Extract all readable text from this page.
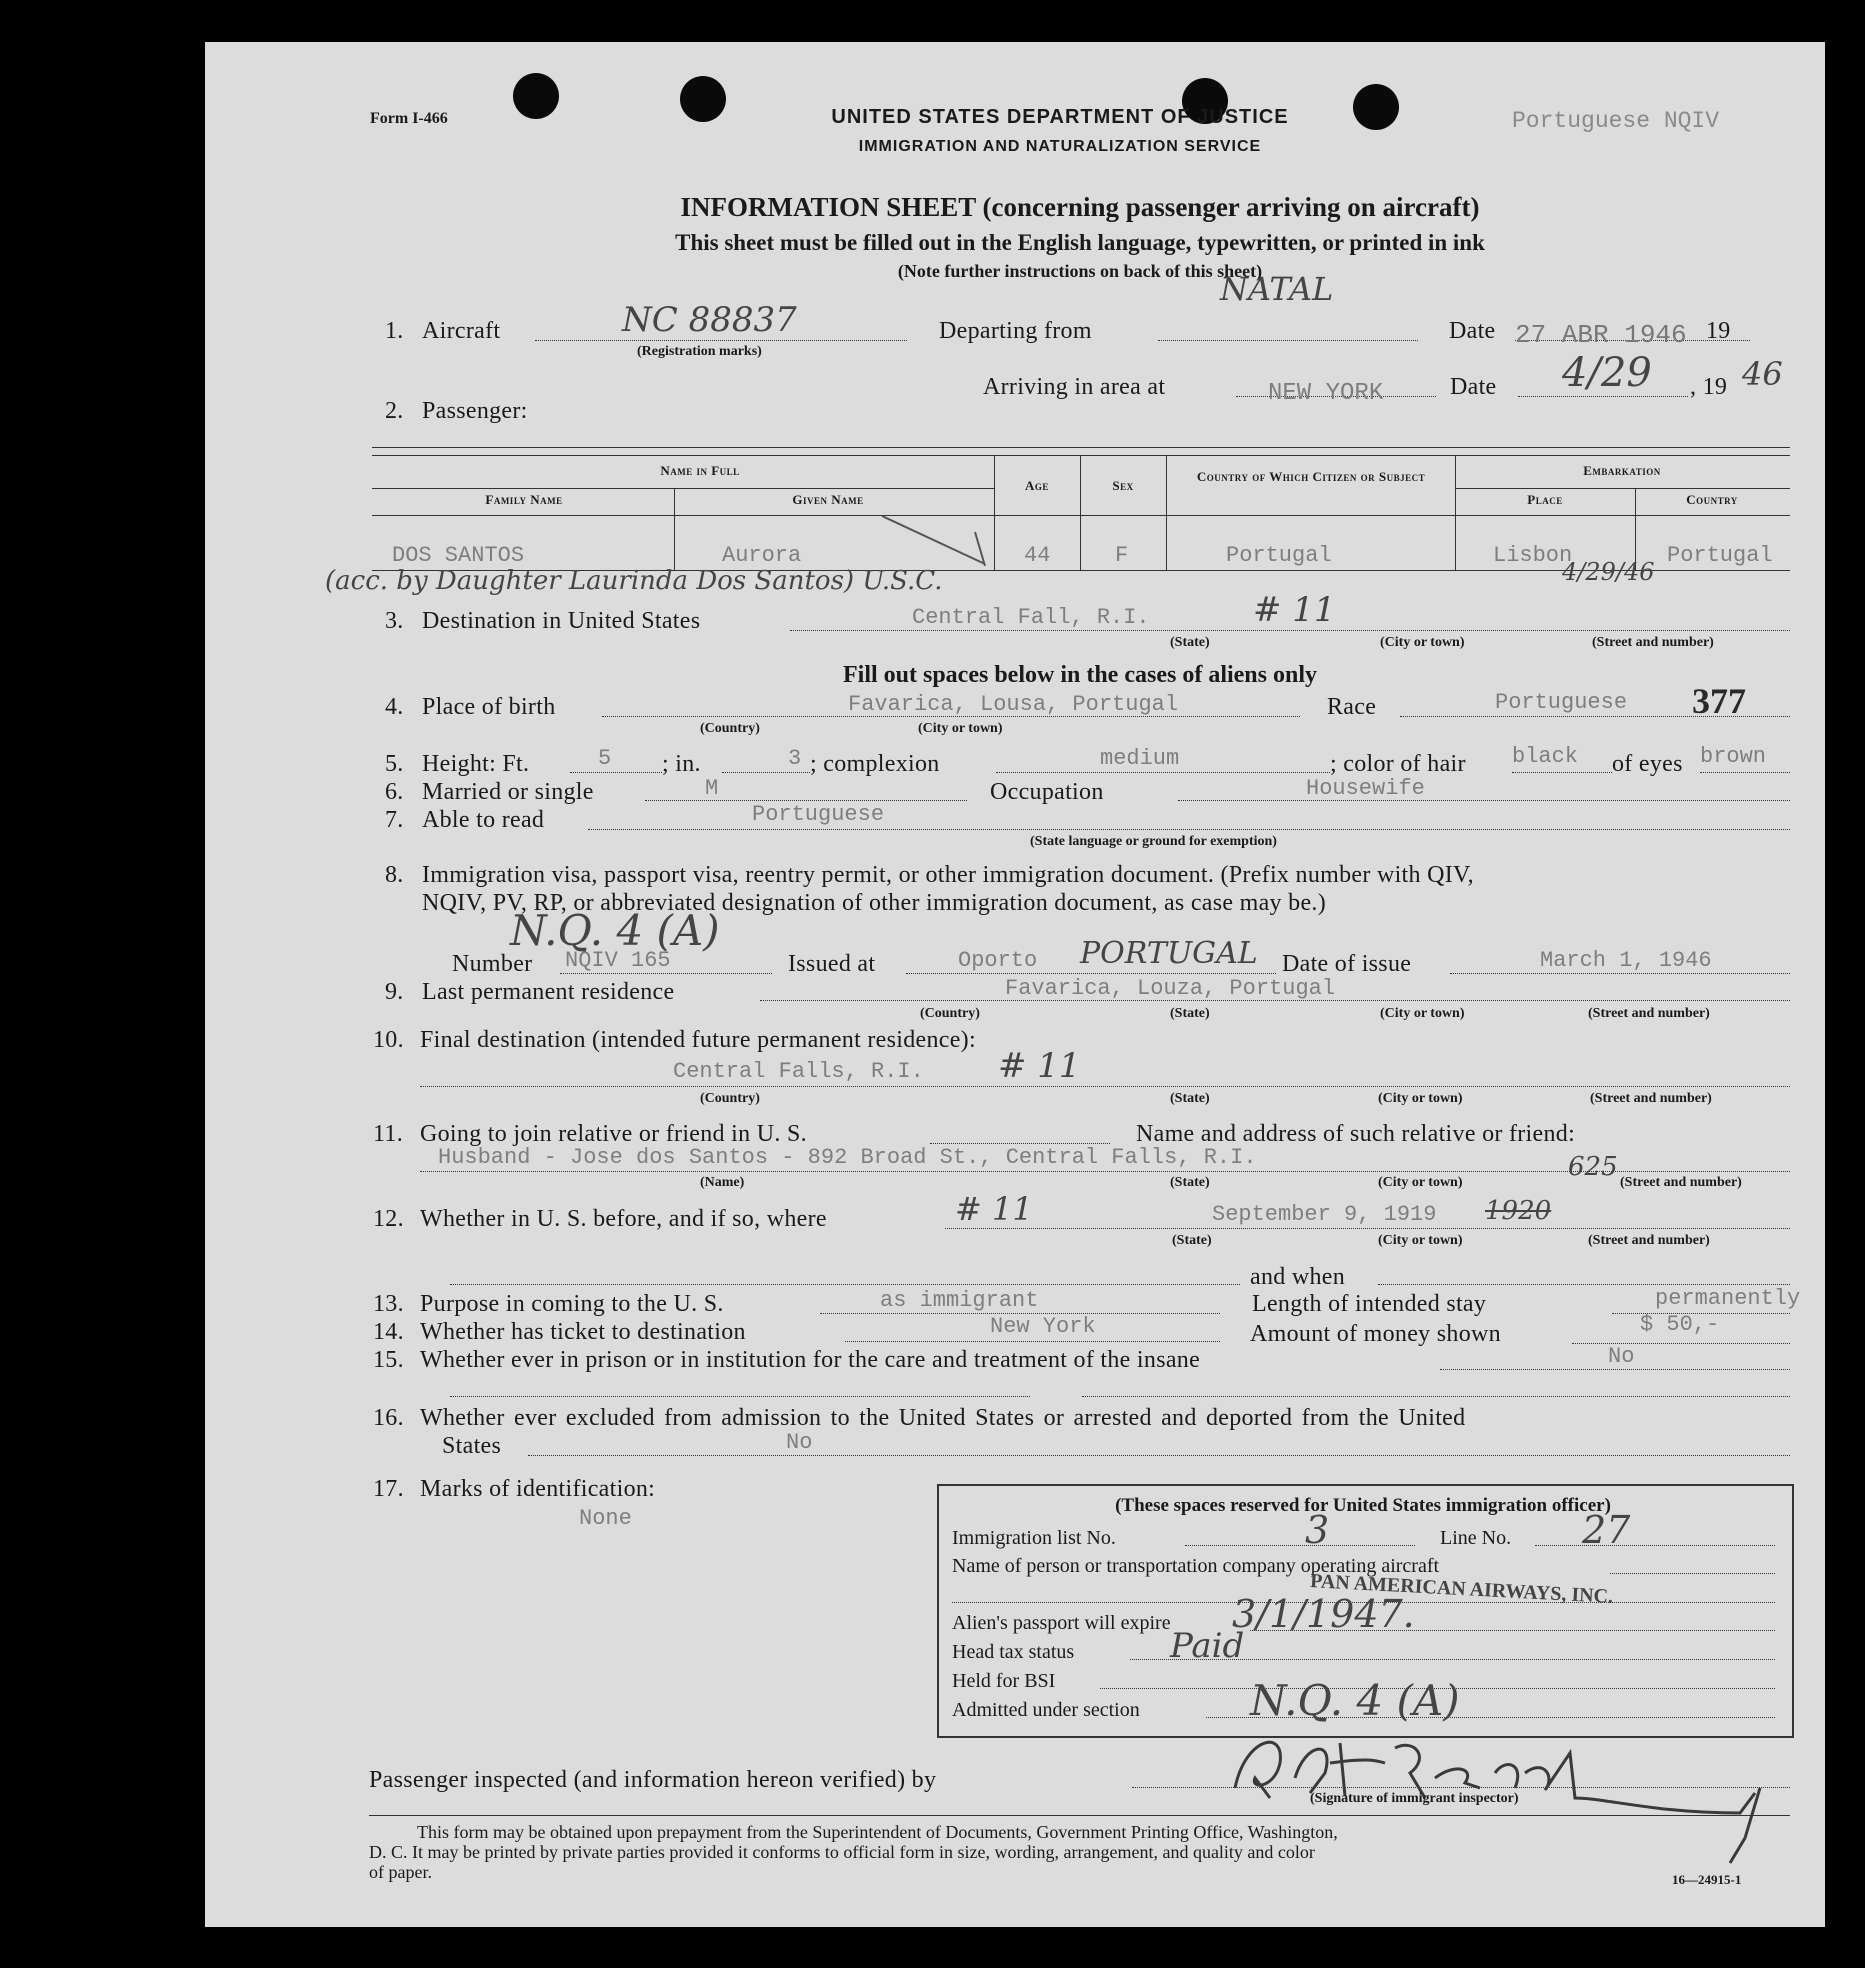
Form I-466	UNITED STATES DEPARTMENT OF JUSTICE
IMMIGRATION AND NATURALIZATION SERVICE
Portuguese NQIV
INFORMATION SHEET (concerning passenger arriving on aircraft)
This sheet must be filled out in the English language, typewritten, or printed in ink
(Note further instructions on back of this sheet)
1. Aircraft	NC 88837
(Registration marks)
Departing from
NATAL
Date 27 ABR 1946 19
Arriving in area at	NEW YORK	Date 4/29 , 19 46
2. Passenger:
Name in Full
Family Name	Given Name
Age	Sex
Country of Which Citizen or Subject	Embarkation
Place	Country
DOS SANTOS	Aurora	44	F	Portugal	Lisbon	Portugal
(acc. by Daughter Laurinda Dos Santos) U.S.C.	4/29/46
3. Destination in United States	Central Fall, R.I.	# 11
(State)	(City or town)	(Street and number)
Fill out spaces below in the cases of aliens only
4. Place of birth	Favarica, Lousa, Portugal
(Country)	(City or town)
Race	Portuguese 377
5. Height: Ft.	5 ; in.	3 ; complexion	medium	; color of hair black of eyes brown
6. Married or single	M	Occupation	Housewife
7. Able to read	Portuguese
(State language or ground for exemption)
8. Immigration visa, passport visa, reentry permit, or other immigration document. (Prefix number with QIV,
NQIV, PV, RP, or abbreviated designation of other immigration document, as case may be.)
N.Q. 4 (A)
Number NQIV 165	Issued at	Oporto PORTUGAL Date of issue	March 1, 1946
9. Last permanent residence	Favarica, Louza, Portugal
(Country)	(State)	(City or town)	(Street and number)
10. Final destination (intended future permanent residence):
Central Falls, R.I. # 11
(Country)	(State)	(City or town)	(Street and number)
11. Going to join relative or friend in U. S.	Name and address of such relative or friend:
Husband - Jose dos Santos - 892 Broad St., Central Falls, R.I.	625
(Name)	(State)	(City or town)	(Street and number)
12. Whether in U. S. before, and if so, where	# 11	September 9, 1919 1920
(State)	(City or town)	(Street and number)
and when
13. Purpose in coming to the U. S.	as immigrant	Length of intended stay	permanently
14. Whether has ticket to destination	New York	Amount of money shown	$ 50,-
15. Whether ever in prison or in institution for the care and treatment of the insane	No
16. Whether ever excluded from admission to the United States or arrested and deported from the United
States	No
17. Marks of identification:
None
(These spaces reserved for United States immigration officer)
Immigration list No.	3	Line No. 27
Name of person or transportation company operating aircraft
PAN AMERICAN AIRWAYS, INC.
Alien's passport will expire 3/1/1947.
Head tax status	Paid
Held for BSI
Admitted under section	N.Q. 4 (A)
Passenger inspected (and information hereon verified) by
(Signature of immigrant inspector)
This form may be obtained upon prepayment from the Superintendent of Documents, Government Printing Office, Washington,
D. C. It may be printed by private parties provided it conforms to official form in size, wording, arrangement, and quality and color
of paper.	16—24915-1
